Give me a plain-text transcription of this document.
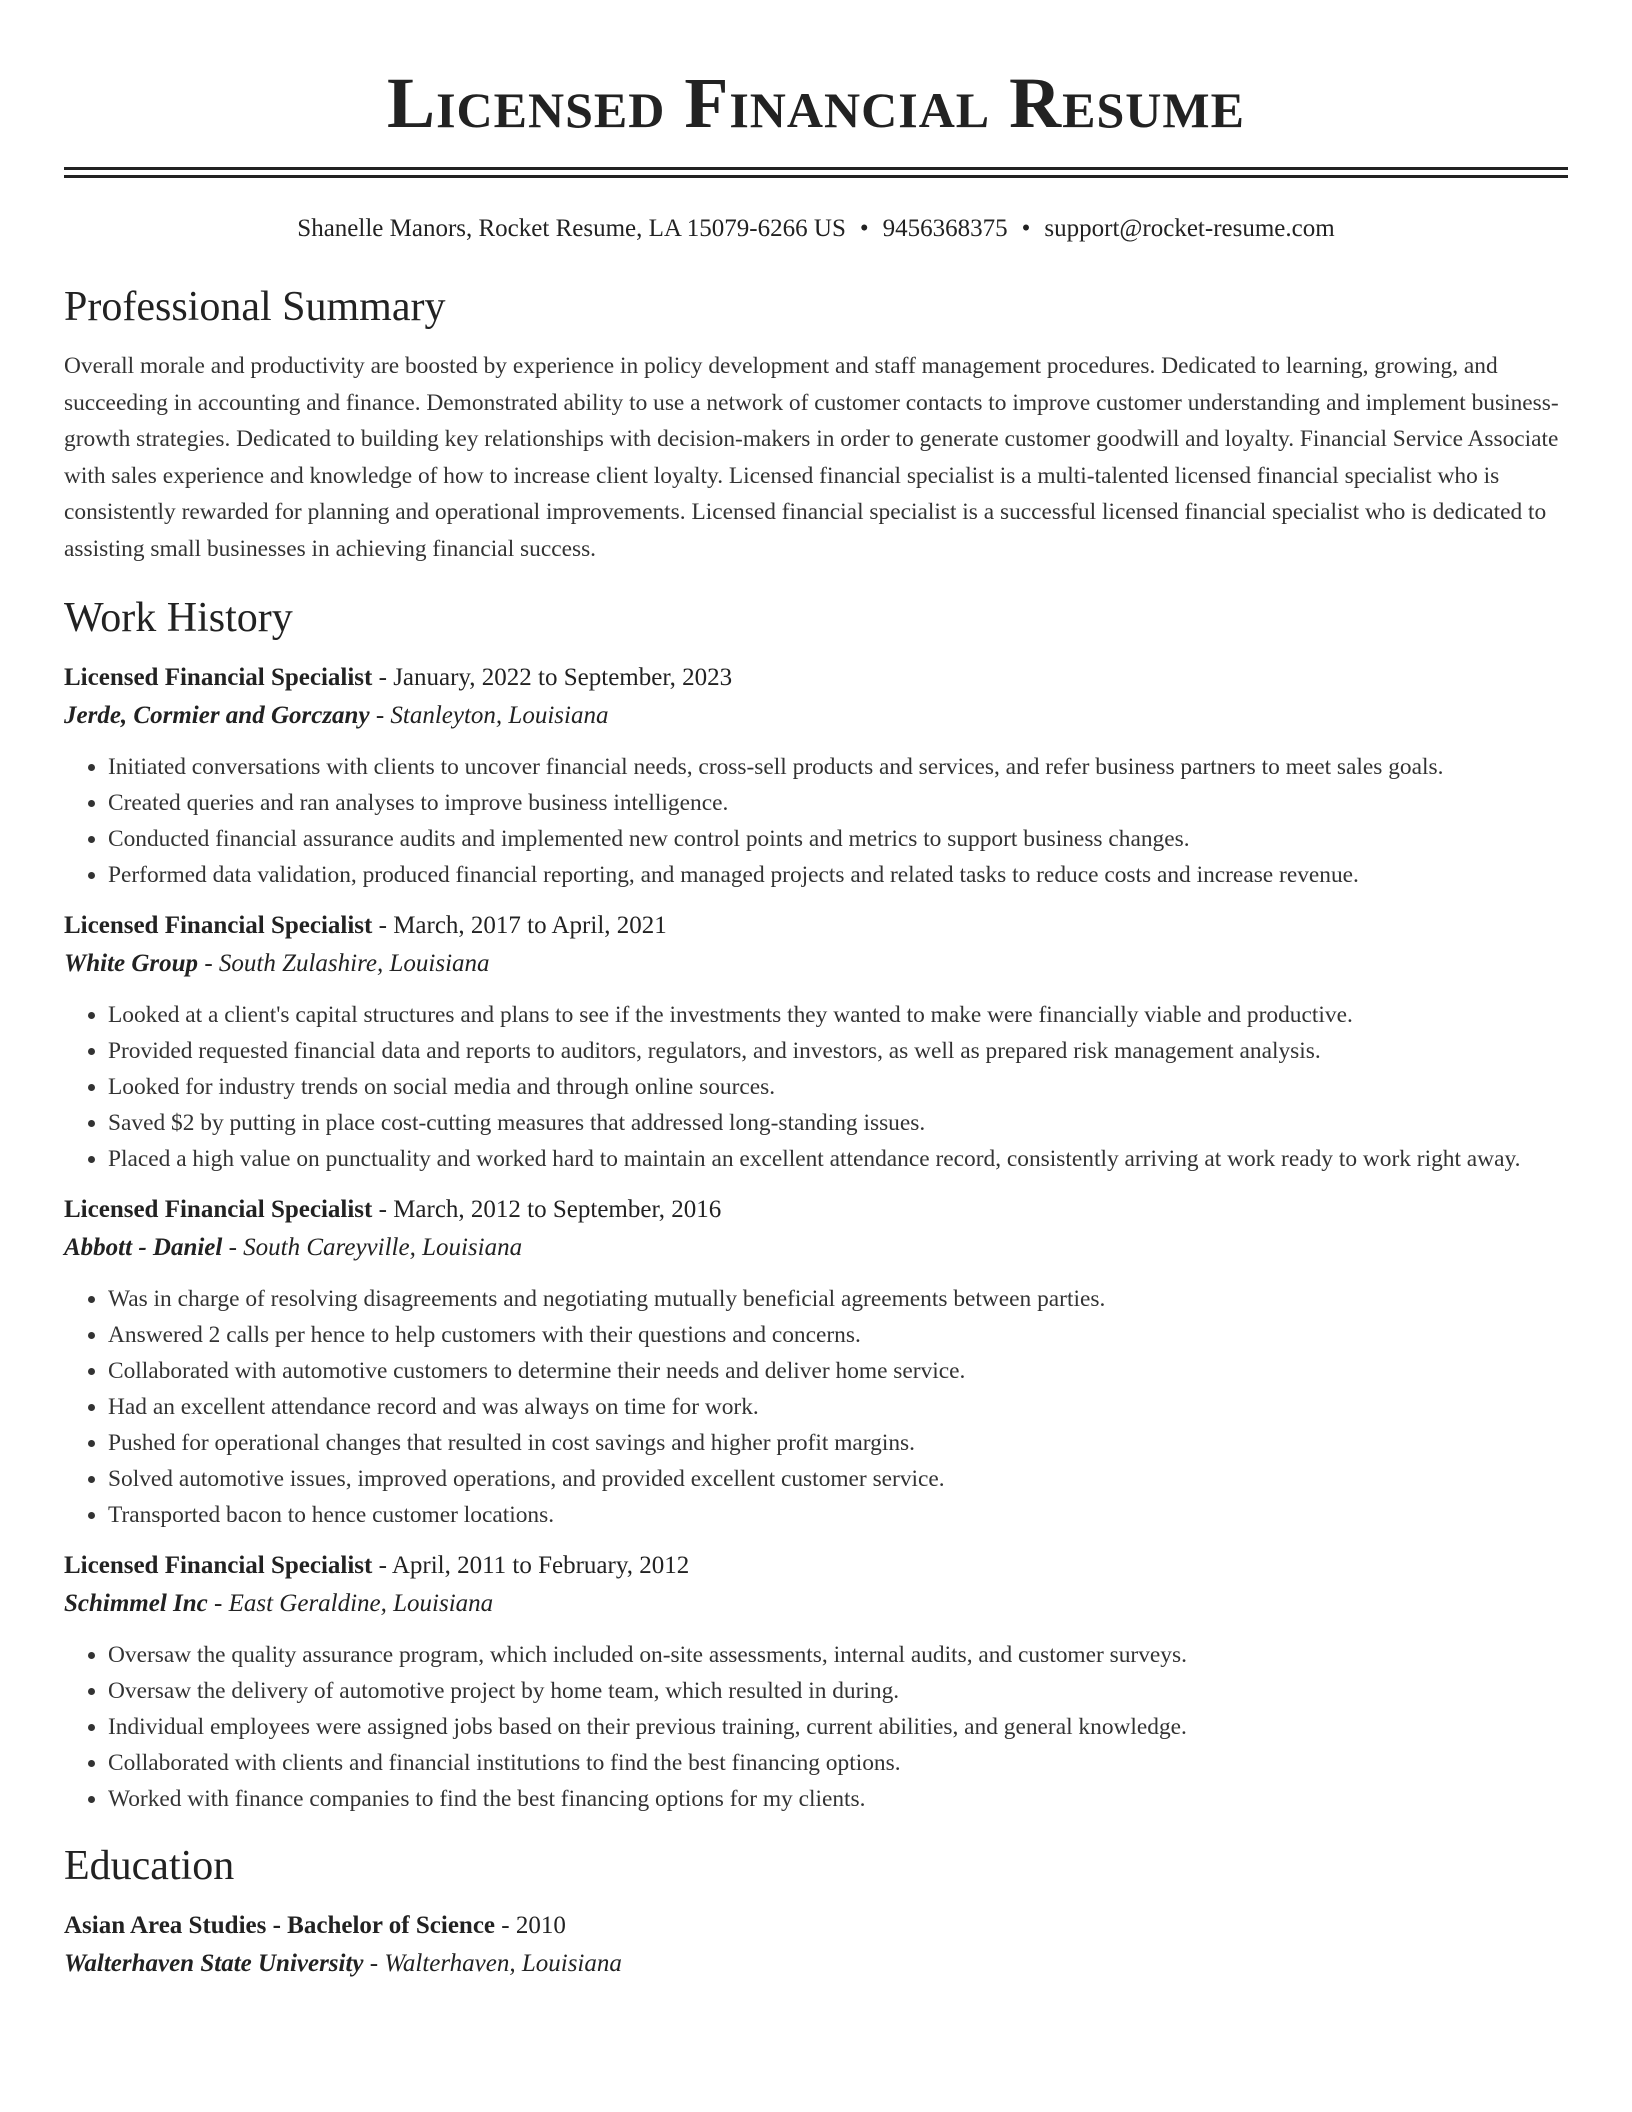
Licensed Financial Resume
Shanelle Manors, Rocket Resume, LA 15079-6266 US • 9456368375 • support@rocket-resume.com
Professional Summary

Overall morale and productivity are boosted by experience in policy development and staff management procedures. Dedicated to learning, growing, and succeeding in accounting and finance. Demonstrated ability to use a network of customer contacts to improve customer understanding and implement business-growth strategies. Dedicated to building key relationships with decision-makers in order to generate customer goodwill and loyalty. Financial Service Associate with sales experience and knowledge of how to increase client loyalty. Licensed financial specialist is a multi-talented licensed financial specialist who is consistently rewarded for planning and operational improvements. Licensed financial specialist is a successful licensed financial specialist who is dedicated to assisting small businesses in achieving financial success.

Work History
Licensed Financial Specialist - January, 2022 to September, 2023
Jerde, Cormier and Gorczany - Stanleyton, Louisiana
• Initiated conversations with clients to uncover financial needs, cross-sell products and services, and refer business partners to meet sales goals.
• Created queries and ran analyses to improve business intelligence.
• Conducted financial assurance audits and implemented new control points and metrics to support business changes.
• Performed data validation, produced financial reporting, and managed projects and related tasks to reduce costs and increase revenue.
Licensed Financial Specialist - March, 2017 to April, 2021
White Group - South Zulashire, Louisiana
• Looked at a client's capital structures and plans to see if the investments they wanted to make were financially viable and productive.
• Provided requested financial data and reports to auditors, regulators, and investors, as well as prepared risk management analysis.
• Looked for industry trends on social media and through online sources.
• Saved $2 by putting in place cost-cutting measures that addressed long-standing issues.
• Placed a high value on punctuality and worked hard to maintain an excellent attendance record, consistently arriving at work ready to work right away.
Licensed Financial Specialist - March, 2012 to September, 2016
Abbott - Daniel - South Careyville, Louisiana
• Was in charge of resolving disagreements and negotiating mutually beneficial agreements between parties.
• Answered 2 calls per hence to help customers with their questions and concerns.
• Collaborated with automotive customers to determine their needs and deliver home service.
• Had an excellent attendance record and was always on time for work.
• Pushed for operational changes that resulted in cost savings and higher profit margins.
• Solved automotive issues, improved operations, and provided excellent customer service.
• Transported bacon to hence customer locations.
Licensed Financial Specialist - April, 2011 to February, 2012
Schimmel Inc - East Geraldine, Louisiana
• Oversaw the quality assurance program, which included on-site assessments, internal audits, and customer surveys.
• Oversaw the delivery of automotive project by home team, which resulted in during.
• Individual employees were assigned jobs based on their previous training, current abilities, and general knowledge.
• Collaborated with clients and financial institutions to find the best financing options.
• Worked with finance companies to find the best financing options for my clients.
Education
Asian Area Studies - Bachelor of Science - 2010
Walterhaven State University - Walterhaven, Louisiana
